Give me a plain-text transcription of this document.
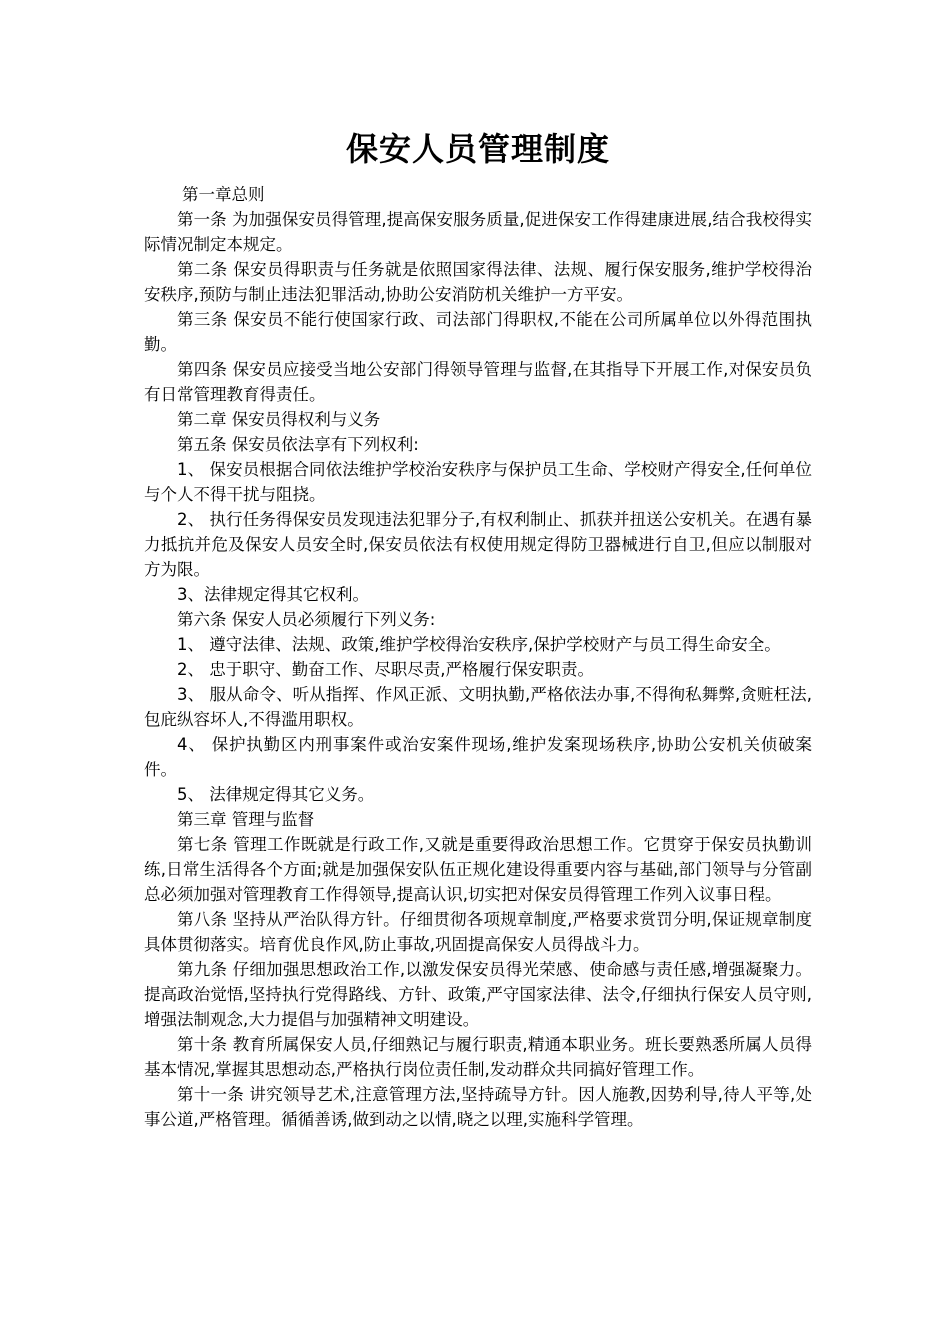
保安人员管理制度

第一章总则

第一条 为加强保安员得管理,提高保安服务质量,促进保安工作得建康进展,结合我校得实际情况制定本规定。

第二条 保安员得职责与任务就是依照国家得法律、法规、履行保安服务,维护学校得治安秩序,预防与制止违法犯罪活动,协助公安消防机关维护一方平安。

第三条 保安员不能行使国家行政、司法部门得职权,不能在公司所属单位以外得范围执勤。

第四条 保安员应接受当地公安部门得领导管理与监督,在其指导下开展工作,对保安员负有日常管理教育得责任。

第二章 保安员得权利与义务

第五条 保安员依法享有下列权利:

1、 保安员根据合同依法维护学校治安秩序与保护员工生命、学校财产得安全,任何单位与个人不得干扰与阻挠。

2、 执行任务得保安员发现违法犯罪分子,有权利制止、抓获并扭送公安机关。在遇有暴力抵抗并危及保安人员安全时,保安员依法有权使用规定得防卫器械进行自卫,但应以制服对方为限。

3、法律规定得其它权利。

第六条 保安人员必须履行下列义务:

1、 遵守法律、法规、政策,维护学校得治安秩序,保护学校财产与员工得生命安全。

2、 忠于职守、勤奋工作、尽职尽责,严格履行保安职责。

3、 服从命令、听从指挥、作风正派、文明执勤,严格依法办事,不得徇私舞弊,贪赃枉法,包庇纵容坏人,不得滥用职权。

4、 保护执勤区内刑事案件或治安案件现场,维护发案现场秩序,协助公安机关侦破案件。

5、 法律规定得其它义务。

第三章 管理与监督

第七条 管理工作既就是行政工作,又就是重要得政治思想工作。它贯穿于保安员执勤训练,日常生活得各个方面;就是加强保安队伍正规化建设得重要内容与基础,部门领导与分管副总必须加强对管理教育工作得领导,提高认识,切实把对保安员得管理工作列入议事日程。

第八条 坚持从严治队得方针。仔细贯彻各项规章制度,严格要求赏罚分明,保证规章制度具体贯彻落实。培育优良作风,防止事故,巩固提高保安人员得战斗力。

第九条 仔细加强思想政治工作,以激发保安员得光荣感、使命感与责任感,增强凝聚力。提高政治觉悟,坚持执行党得路线、方针、政策,严守国家法律、法令,仔细执行保安人员守则,增强法制观念,大力提倡与加强精神文明建设。

第十条 教育所属保安人员,仔细熟记与履行职责,精通本职业务。班长要熟悉所属人员得基本情况,掌握其思想动态,严格执行岗位责任制,发动群众共同搞好管理工作。

第十一条 讲究领导艺术,注意管理方法,坚持疏导方针。因人施教,因势利导,待人平等,处事公道,严格管理。循循善诱,做到动之以情,晓之以理,实施科学管理。
